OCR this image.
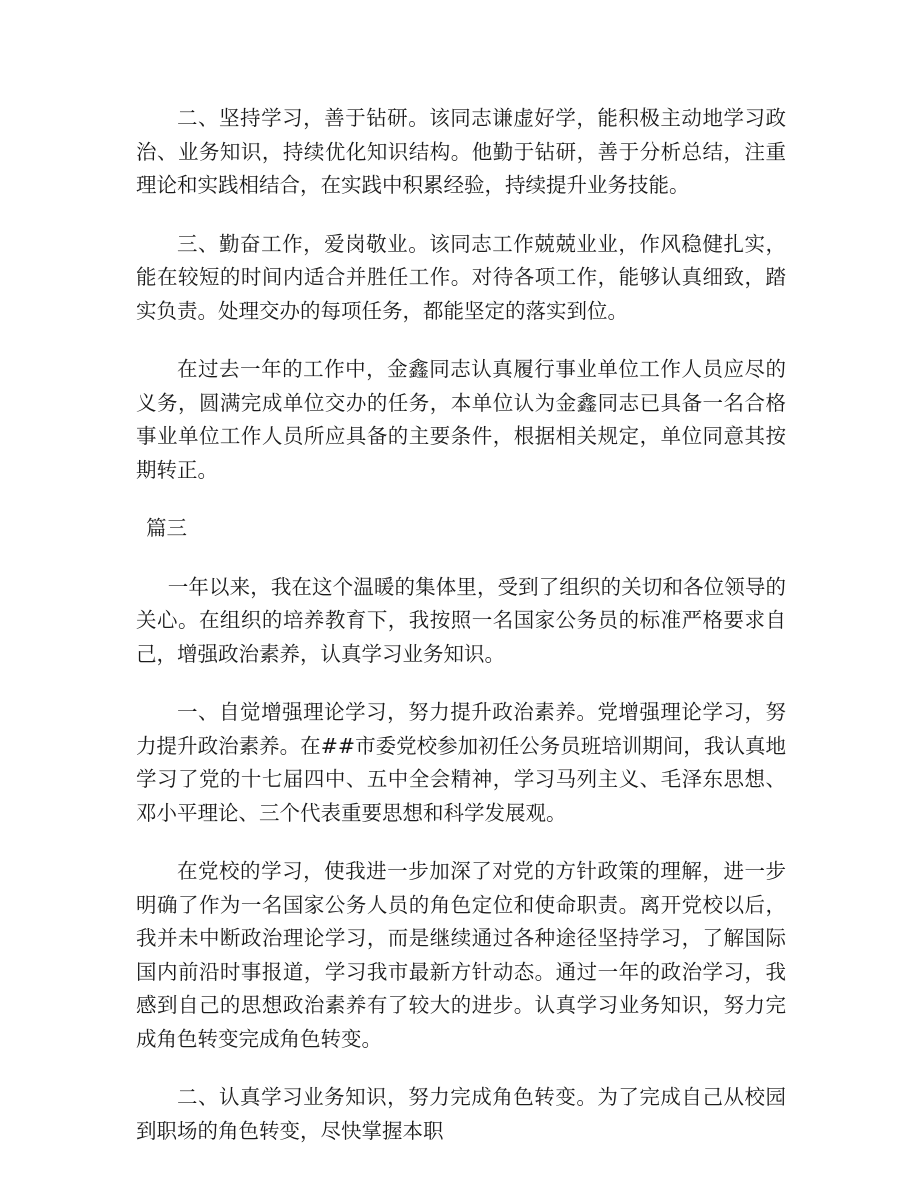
二、坚持学习，善于钻研。该同志谦虚好学，能积极主动地学习政治、业务知识，持续优化知识结构。他勤于钻研，善于分析总结，注重理论和实践相结合，在实践中积累经验，持续提升业务技能。

三、勤奋工作，爱岗敬业。该同志工作兢兢业业，作风稳健扎实，能在较短的时间内适合并胜任工作。对待各项工作，能够认真细致，踏实负责。处理交办的每项任务，都能坚定的落实到位。

在过去一年的工作中，金鑫同志认真履行事业单位工作人员应尽的义务，圆满完成单位交办的任务，本单位认为金鑫同志已具备一名合格事业单位工作人员所应具备的主要条件，根据相关规定，单位同意其按期转正。

篇三

一年以来，我在这个温暖的集体里，受到了组织的关切和各位领导的关心。在组织的培养教育下，我按照一名国家公务员的标准严格要求自己，增强政治素养，认真学习业务知识。

一、自觉增强理论学习，努力提升政治素养。党增强理论学习，努力提升政治素养。在##市委党校参加初任公务员班培训期间，我认真地学习了党的十七届四中、五中全会精神，学习马列主义、毛泽东思想、邓小平理论、三个代表重要思想和科学发展观。

在党校的学习，使我进一步加深了对党的方针政策的理解，进一步明确了作为一名国家公务人员的角色定位和使命职责。离开党校以后，我并未中断政治理论学习，而是继续通过各种途径坚持学习，了解国际国内前沿时事报道，学习我市最新方针动态。通过一年的政治学习，我感到自己的思想政治素养有了较大的进步。认真学习业务知识，努力完成角色转变完成角色转变。

二、认真学习业务知识，努力完成角色转变。为了完成自己从校园到职场的角色转变，尽快掌握本职
